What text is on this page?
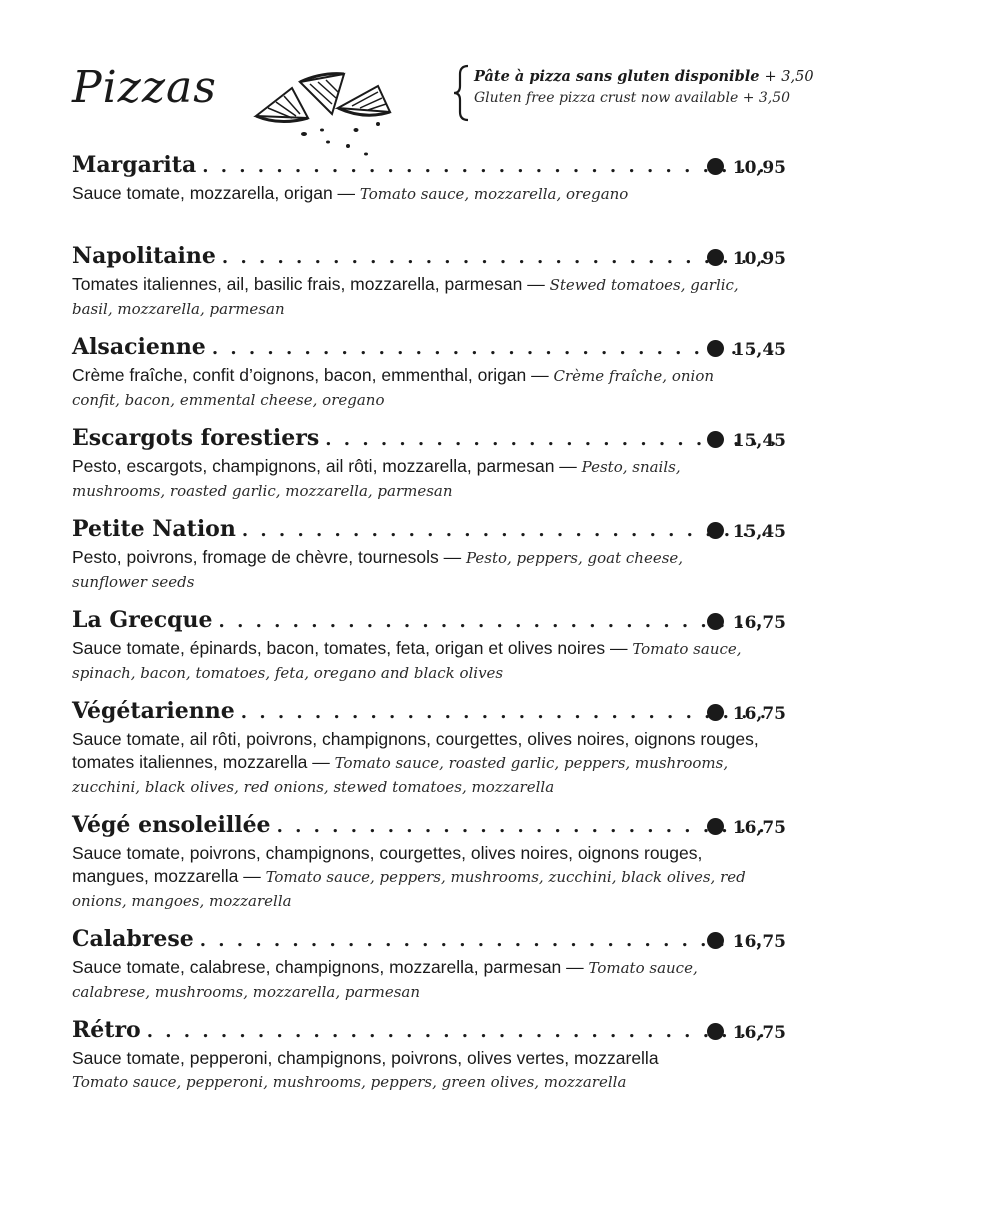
Pizzas	Pâte à pizza sans gluten disponible + 3,50
Gluten free pizza crust now available + 3,50
Margarita . . .	10,95
Sauce tomate, mozzarella, origan — Tomato sauce, mozzarella, oregano
Napolitaine . . .	10,95
Tomates italiennes, ail, basilic frais, mozzarella, parmesan — Stewed tomatoes, garlic, basil, mozzarella, parmesan
Alsacienne . . .	15,45
Crème fraîche, confit d’oignons, bacon, emmenthal, origan — Crème fraîche, onion confit, bacon, emmental cheese, oregano
Escargots forestiers . . .	15,45
Pesto, escargots, champignons, ail rôti, mozzarella, parmesan — Pesto, snails, mushrooms, roasted garlic, mozzarella, parmesan
Petite Nation . . .	15,45
Pesto, poivrons, fromage de chèvre, tournesols — Pesto, peppers, goat cheese, sunflower seeds
La Grecque . . .	16,75
Sauce tomate, épinards, bacon, tomates, feta, origan et olives noires — Tomato sauce, spinach, bacon, tomatoes, feta, oregano and black olives
Végétarienne . . .	16,75
Sauce tomate, ail rôti, poivrons, champignons, courgettes, olives noires, oignons rouges, tomates italiennes, mozzarella — Tomato sauce, roasted garlic, peppers, mushrooms, zucchini, black olives, red onions, stewed tomatoes, mozzarella
Végé ensoleillée . . .	16,75
Sauce tomate, poivrons, champignons, courgettes, olives noires, oignons rouges, mangues, mozzarella — Tomato sauce, peppers, mushrooms, zucchini, black olives, red onions, mangoes, mozzarella
Calabrese . . .	16,75
Sauce tomate, calabrese, champignons, mozzarella, parmesan — Tomato sauce, calabrese, mushrooms, mozzarella, parmesan
Rétro . . .	16,75
Sauce tomate, pepperoni, champignons, poivrons, olives vertes, mozzarella
Tomato sauce, pepperoni, mushrooms, peppers, green olives, mozzarella
